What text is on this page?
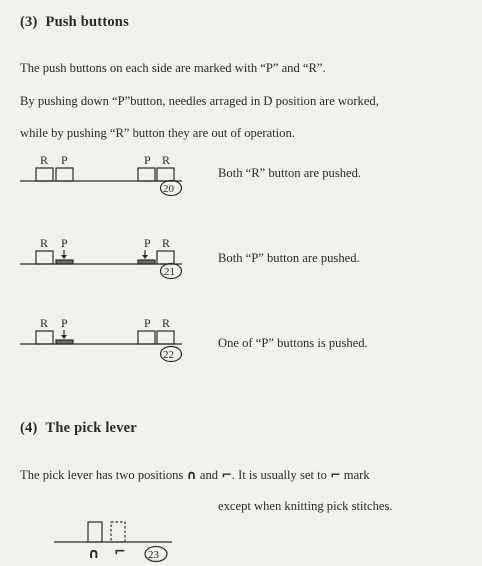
(3) Push buttons
The push buttons on each side are marked with “P” and “R”.
By pushing down “P”button, needles arraged in D position are worked,
while by pushing “R” button they are out of operation.
R P	P R
20
R P	P R
21
R P	P R
22
∩ ⌐ 23
Both “R” button are pushed.
Both “P” button are pushed.
One of “P” buttons is pushed.
(4) The pick lever
The pick lever has two positions ∩ and ⌐. It is usually set to ⌐ mark
except when knitting pick stitches.
